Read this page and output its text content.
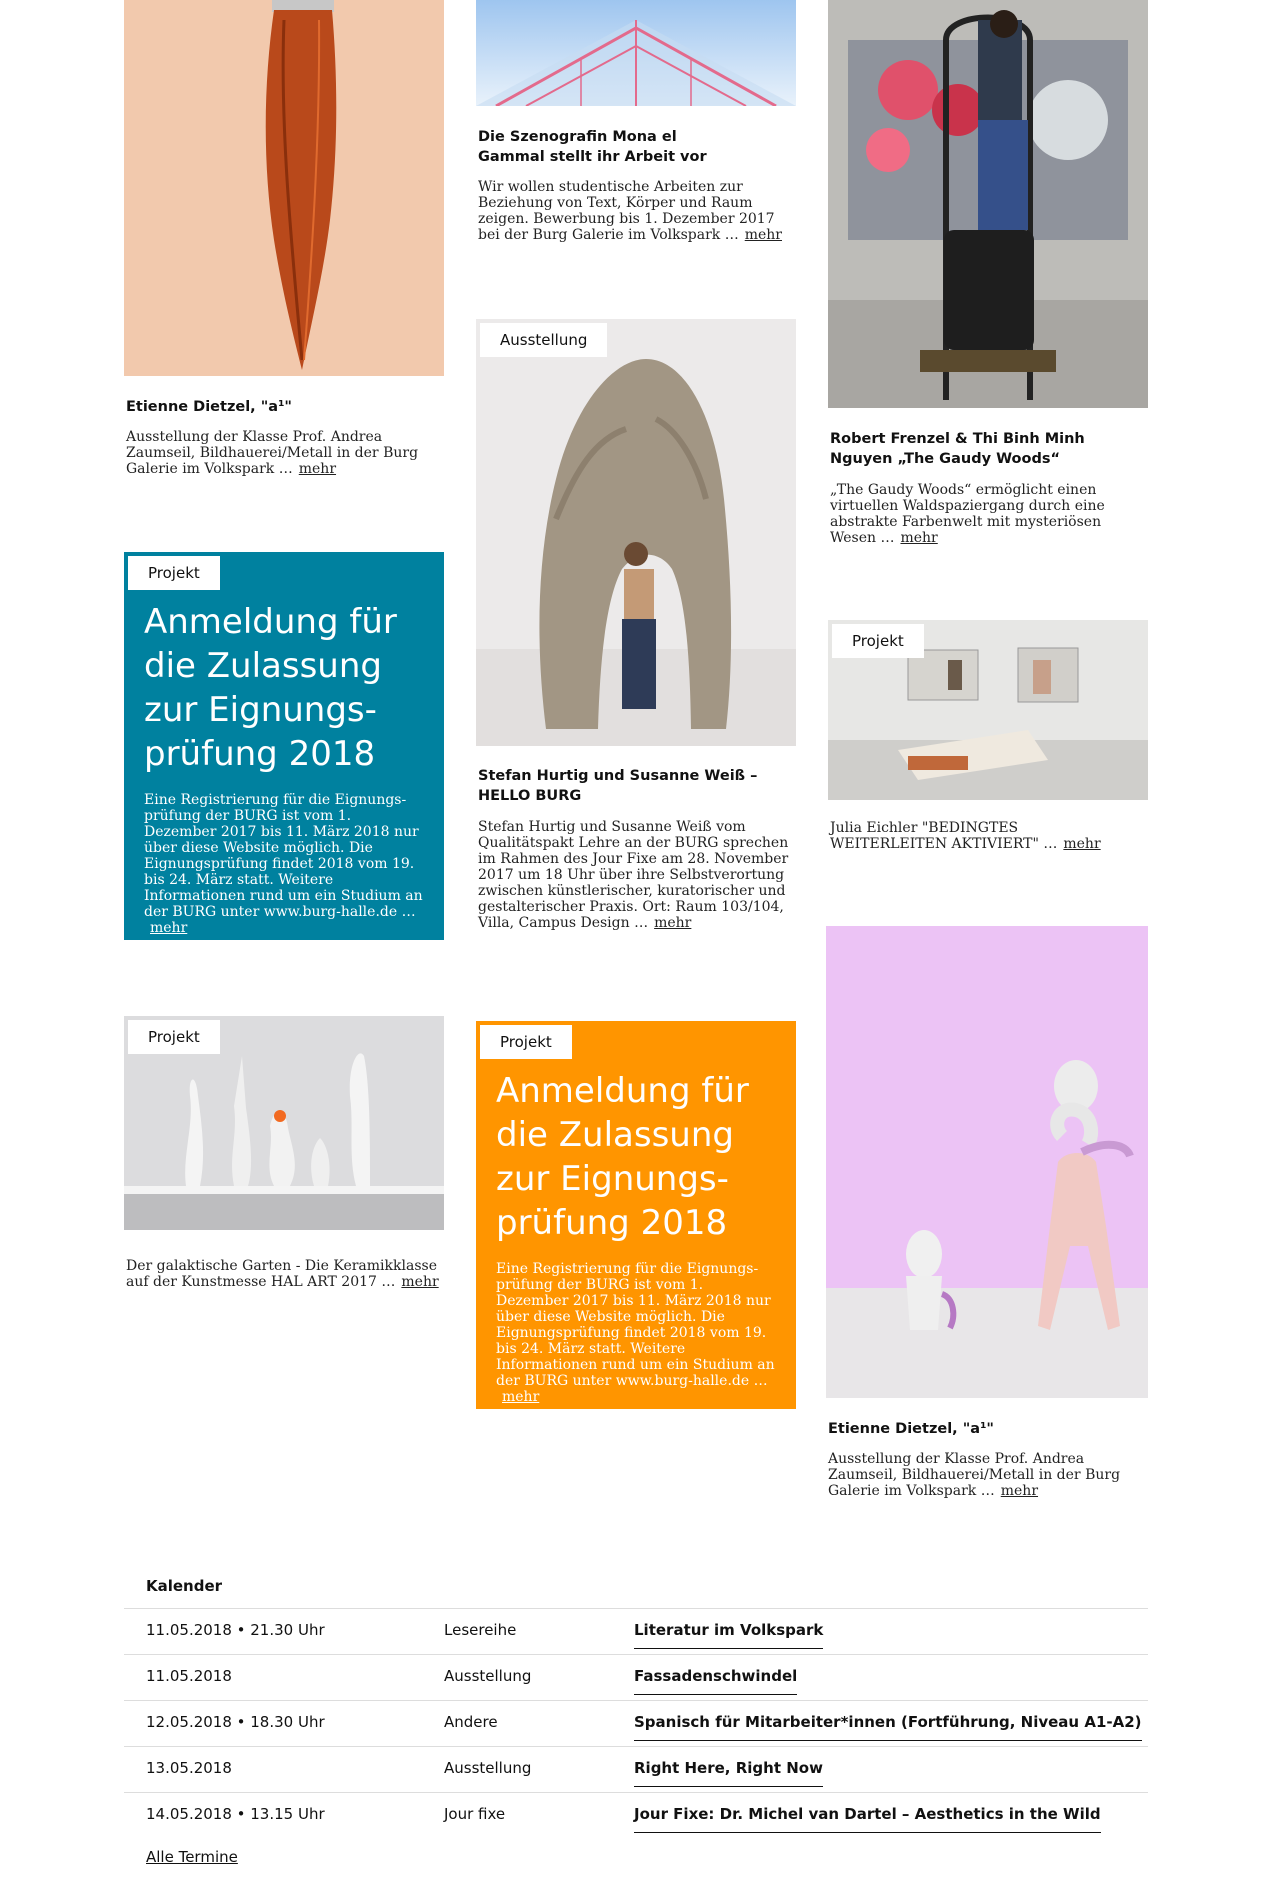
Etienne Dietzel, "a¹"
Ausstellung der Klasse Prof. Andrea Zaumseil, Bildhauerei/Metall in der Burg Galerie im Volkspark … mehr
Projekt
Anmeldung für die Zulassung zur Eignungs-prüfung 2018
Eine Registrierung für die Eignungs-prüfung der BURG ist vom 1. Dezember 2017 bis 11. März 2018 nur über diese Website möglich. Die Eignungsprüfung findet 2018 vom 19. bis 24. März statt. Weitere Informationen rund um ein Studium an der BURG unter www.burg-halle.de …mehr
Projekt
Der galaktische Garten - Die Keramikklasse auf der Kunstmesse HAL ART 2017 … mehr
Die Szenografin Mona el Gammal stellt ihr Arbeit vor
Wir wollen studentische Arbeiten zur Beziehung von Text, Körper und Raum zeigen. Bewerbung bis 1. Dezember 2017 bei der Burg Galerie im Volkspark … mehr
Ausstellung
Stefan Hurtig und Susanne Weiß – HELLO BURG
Stefan Hurtig und Susanne Weiß vom Qualitätspakt Lehre an der BURG sprechen im Rahmen des Jour Fixe am 28. November 2017 um 18 Uhr über ihre Selbstverortung zwischen künstlerischer, kuratorischer und gestalterischer Praxis. Ort: Raum 103/104, Villa, Campus Design … mehr
Projekt
Anmeldung für die Zulassung zur Eignungs-prüfung 2018
Eine Registrierung für die Eignungs-prüfung der BURG ist vom 1. Dezember 2017 bis 11. März 2018 nur über diese Website möglich. Die Eignungsprüfung findet 2018 vom 19. bis 24. März statt. Weitere Informationen rund um ein Studium an der BURG unter www.burg-halle.de …mehr
Robert Frenzel & Thi Binh Minh Nguyen „The Gaudy Woods“
„The Gaudy Woods“ ermöglicht einen virtuellen Waldspaziergang durch eine abstrakte Farbenwelt mit mysteriösen Wesen … mehr
Projekt
Julia Eichler "BEDINGTES WEITERLEITEN AKTIVIERT" … mehr
Etienne Dietzel, "a¹"
Ausstellung der Klasse Prof. Andrea Zaumseil, Bildhauerei/Metall in der Burg Galerie im Volkspark … mehr
Kalender
11.05.2018 • 21.30 Uhr	Lesereihe	Literatur im Volkspark
11.05.2018	Ausstellung	Fassadenschwindel
12.05.2018 • 18.30 Uhr	Andere	Spanisch für Mitarbeiter*innen (Fortführung, Niveau A1-A2)
13.05.2018	Ausstellung	Right Here, Right Now
14.05.2018 • 13.15 Uhr	Jour fixe	Jour Fixe: Dr. Michel van Dartel – Aesthetics in the Wild
Alle Termine
